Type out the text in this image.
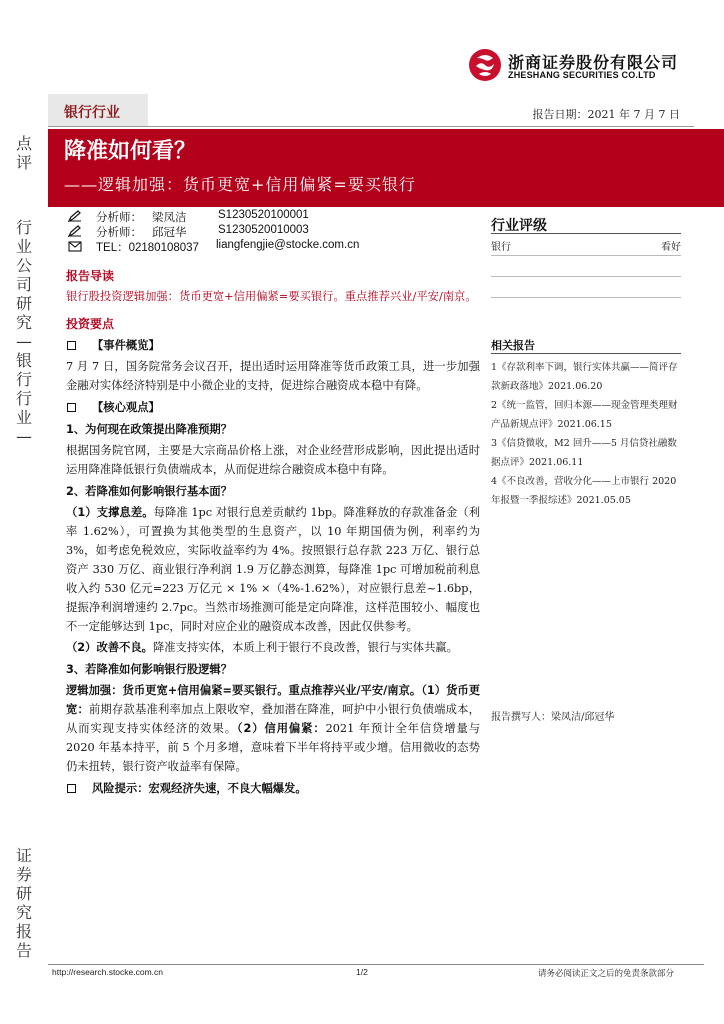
浙商证券股份有限公司
ZHESHANG SECURITIES CO.LTD
点
评
行
业
公
司
研
究
—
银
行
行
业
—
证
券
研
究
报
告
银行行业	报告日期：2021 年 7 月 7 日
降准如何看？
——逻辑加强：货币更宽+信用偏紧=要买银行
分析师： 梁凤洁	S1230520100001
分析师： 邱冠华	S1230520010003
TEL：02180108037 liangfengjie@stocke.com.cn
行业评级
银行	看好
相关报告
1《存款利率下调，银行实体共赢——简评存款新政落地》2021.06.20
2《统一监管，回归本源——现金管理类理财产品新规点评》2021.06.15
3《信贷微收，M2 回升——5 月信贷社融数据点评》2021.06.11
4《不良改善，营收分化——上市银行 2020 年报暨一季报综述》2021.05.05
报告撰写人：梁凤洁/邱冠华
报告导读
银行股投资逻辑加强：货币更宽+信用偏紧=要买银行。重点推荐兴业/平安/南京。
投资要点
【事件概览】
7 月 7 日，国务院常务会议召开，提出适时运用降准等货币政策工具，进一步加强金融对实体经济特别是中小微企业的支持，促进综合融资成本稳中有降。
【核心观点】
1、为何现在政策提出降准预期？
根据国务院官网，主要是大宗商品价格上涨，对企业经营形成影响，因此提出适时运用降准降低银行负债端成本，从而促进综合融资成本稳中有降。
2、若降准如何影响银行基本面？
（1）支撑息差。每降准 1pc 对银行息差贡献约 1bp。降准释放的存款准备金（利率 1.62%），可置换为其他类型的生息资产，以 10 年期国债为例，利率约为 3%，如考虑免税效应，实际收益率约为 4%。按照银行总存款 223 万亿、银行总资产 330 万亿、商业银行净利润 1.9 万亿静态测算，每降准 1pc 可增加税前利息收入约 530 亿元=223 万亿元 × 1% ×（4%-1.62%），对应银行息差~1.6bp，提振净利润增速约 2.7pc。当然市场推测可能是定向降准，这样范围较小、幅度也不一定能够达到 1pc，同时对应企业的融资成本改善，因此仅供参考。
（2）改善不良。降准支持实体，本质上利于银行不良改善，银行与实体共赢。
3、若降准如何影响银行股逻辑？
逻辑加强：货币更宽+信用偏紧=要买银行。重点推荐兴业/平安/南京。（1）货币更宽：前期存款基准利率加点上限收窄，叠加潜在降准，呵护中小银行负债端成本，从而实现支持实体经济的效果。（2）信用偏紧：2021 年预计全年信贷增量与 2020 年基本持平，前 5 个月多增，意味着下半年将持平或少增。信用微收的态势仍未扭转，银行资产收益率有保障。
风险提示：宏观经济失速，不良大幅爆发。
http://research.stocke.com.cn	1/2	请务必阅读正文之后的免责条款部分
